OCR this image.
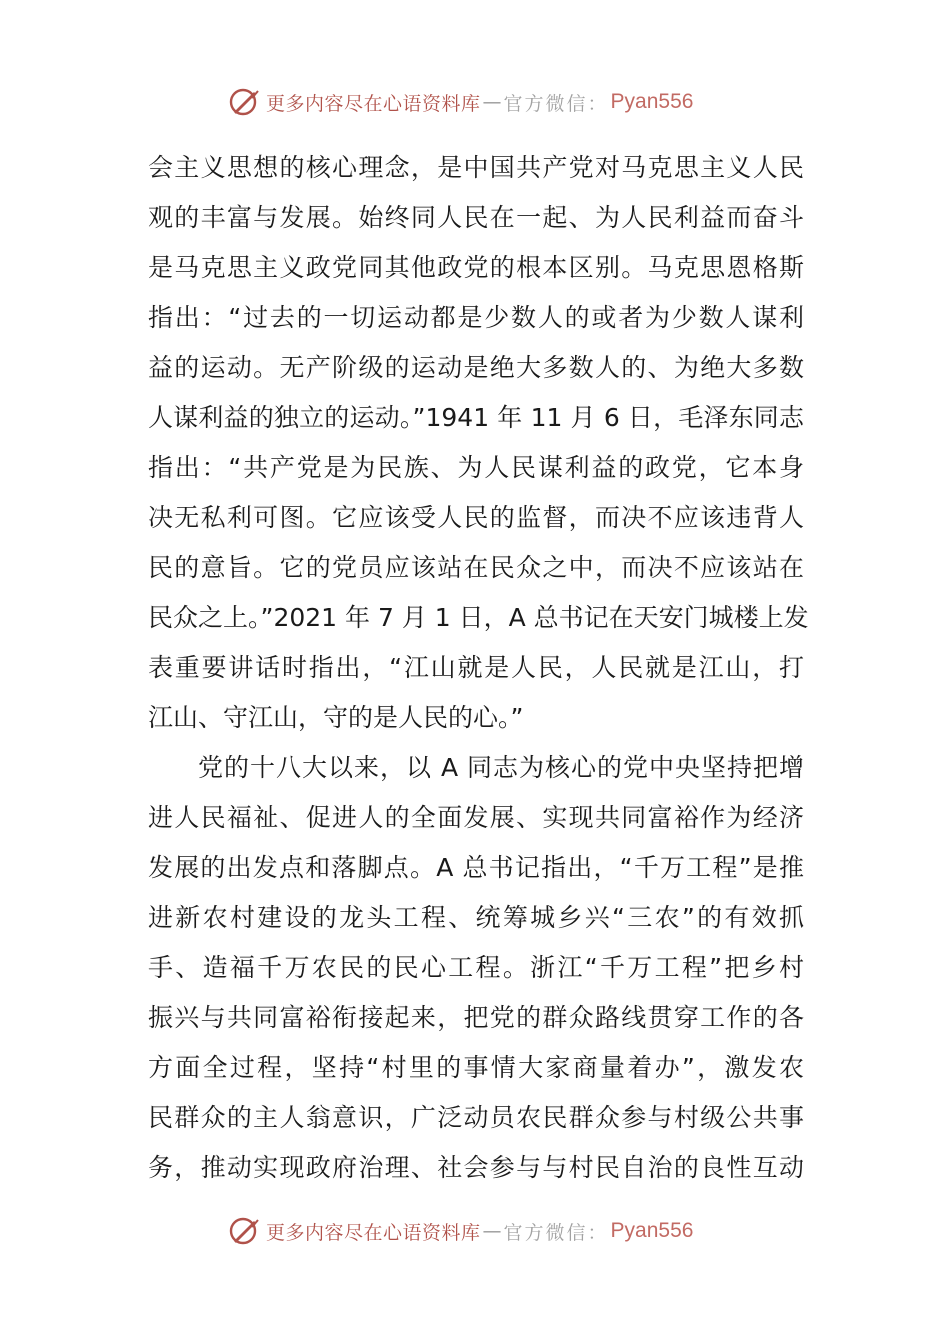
更多内容尽在心语资料库 — 官方微信： Pyan556
会主义思想的核心理念，是中国共产党对马克思主义人民
观的丰富与发展。始终同人民在一起、为人民利益而奋斗
是马克思主义政党同其他政党的根本区别。马克思恩格斯
指出：“过去的一切运动都是少数人的或者为少数人谋利
益的运动。无产阶级的运动是绝大多数人的、为绝大多数
人谋利益的独立的运动。”1941 年 11 月 6 日，毛泽东同志
指出：“共产党是为民族、为人民谋利益的政党，它本身
决无私利可图。它应该受人民的监督，而决不应该违背人
民的意旨。它的党员应该站在民众之中，而决不应该站在
民众之上。”2021 年 7 月 1 日，A 总书记在天安门城楼上发
表重要讲话时指出，“江山就是人民，人民就是江山，打
江山、守江山，守的是人民的心。”
党的十八大以来，以 A 同志为核心的党中央坚持把增
进人民福祉、促进人的全面发展、实现共同富裕作为经济
发展的出发点和落脚点。A 总书记指出，“千万工程”是推
进新农村建设的龙头工程、统筹城乡兴“三农”的有效抓
手、造福千万农民的民心工程。浙江“千万工程”把乡村
振兴与共同富裕衔接起来，把党的群众路线贯穿工作的各
方面全过程，坚持“村里的事情大家商量着办”，激发农
民群众的主人翁意识，广泛动员农民群众参与村级公共事
务，推动实现政府治理、社会参与与村民自治的良性互动
更多内容尽在心语资料库 — 官方微信： Pyan556
